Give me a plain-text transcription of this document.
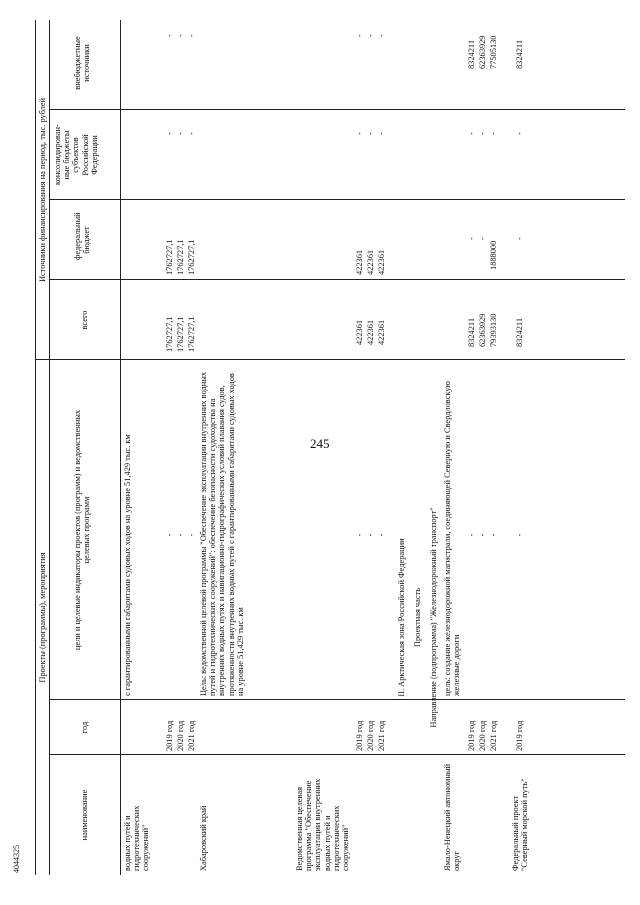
245
4044325
Проекты (программы), мероприятия
Источники финансирования на период, тыс. рублей
наименование
год
цели и целевые индикаторы проектов (программ) и ведомственных целевых программ
всего
федеральный бюджет
консолидирован-ные бюджеты субъектов Российской Федерации
внебюджетные источники
водных путей и гидротехнических сооружений"
с гарантированными габаритами судовых ходов на уровне 51,429 тыс. км
2019 год 2020 год 2021 год
- - -
1762727,1 1762727,1 1762727,1
1762727,1 1762727,1 1762727,1
- - -
- - -
Хабаровский край
Цель: ведомственной целевой программы "Обеспечение эксплуатации внутренних водных путей и гидротехнических сооружений": обеспечение безопасности судоходства на внутренних водных путях и навигационно-гидрографических условий плавания судов, протяженности внутренних водных путей с гарантированными габаритами судовых ходов на уровне 51,429 тыс. км
Ведомственная целевая программа "Обеспечение эксплуатации внутренних водных путей и гидротехнических сооружений"
2019 год 2020 год 2021 год
- - -
422361 422361 422361
422361 422361 422361
- - -
- - -
II. Арктическая зона Российской Федерации Проектная часть Направление (подпрограмма) "Железнодорожный транспорт"
Ямало-Ненецкий автономный округ
цель: создание железнодорожной магистрали, соединяющей Северную и Свердловскую железные дороги
2019 год 2020 год 2021 год
- - -
8324211 62363929 79393130
- -
1888000
- - -
8324211 62363929 77505130
Федеральный проект "Северный морской путь"
2019 год
-
8324211
-
-
8324211
